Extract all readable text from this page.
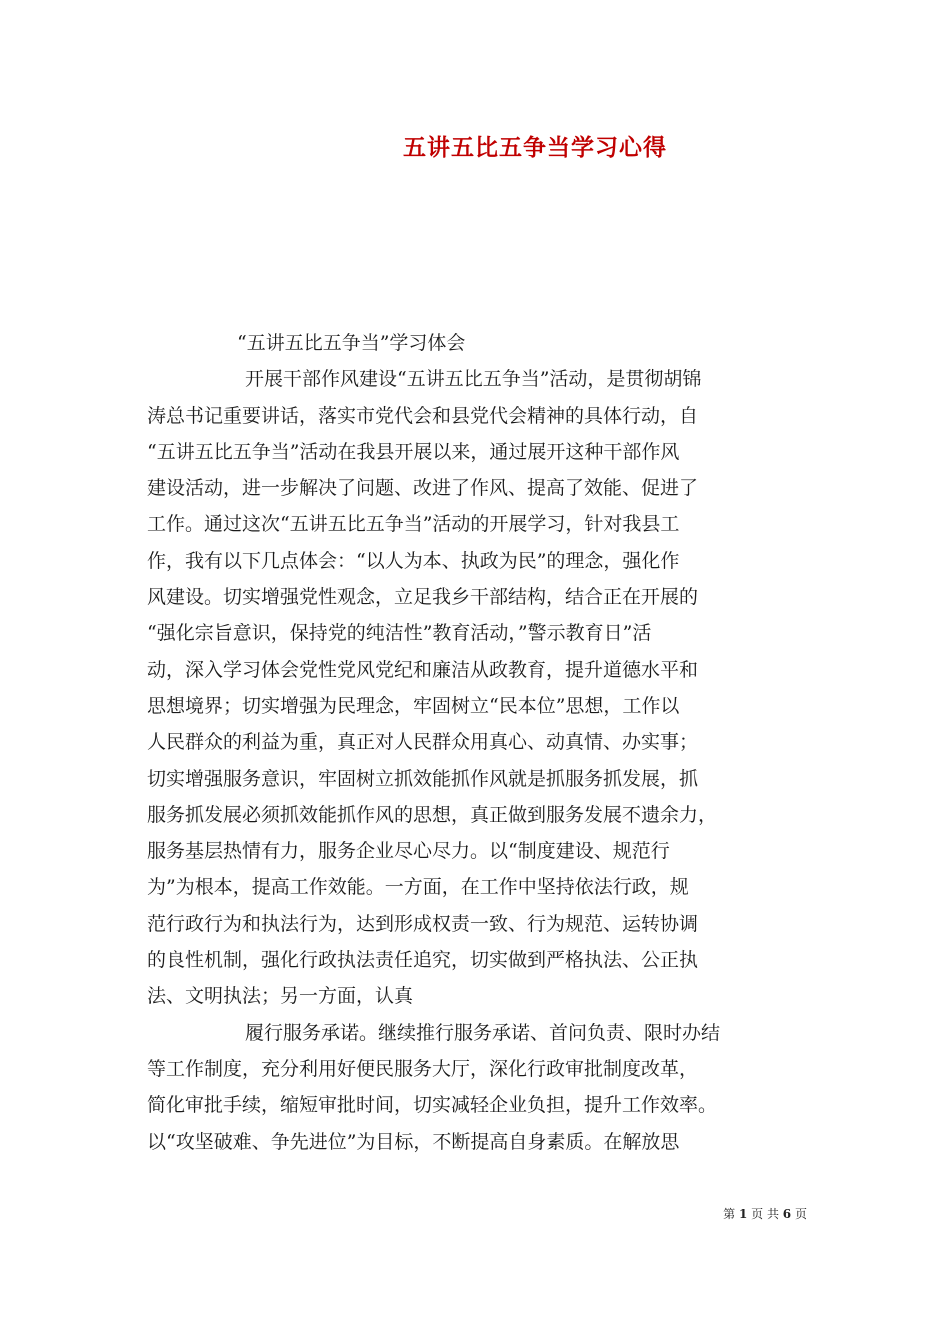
五讲五比五争当学习心得

“五讲五比五争当”学习体会

开展干部作风建设“五讲五比五争当”活动，是贯彻胡锦

涛总书记重要讲话，落实市党代会和县党代会精神的具体行动，自

“五讲五比五争当”活动在我县开展以来，通过展开这种干部作风

建设活动，进一步解决了问题、改进了作风、提高了效能、促进了

工作。通过这次“五讲五比五争当”活动的开展学习，针对我县工

作，我有以下几点体会：“以人为本、执政为民”的理念，强化作

风建设。切实增强党性观念，立足我乡干部结构，结合正在开展的

“强化宗旨意识，保持党的纯洁性”教育活动，”警示教育日”活

动，深入学习体会党性党风党纪和廉洁从政教育，提升道德水平和

思想境界；切实增强为民理念，牢固树立“民本位”思想，工作以

人民群众的利益为重，真正对人民群众用真心、动真情、办实事；

切实增强服务意识，牢固树立抓效能抓作风就是抓服务抓发展，抓

服务抓发展必须抓效能抓作风的思想，真正做到服务发展不遗余力，

服务基层热情有力，服务企业尽心尽力。以“制度建设、规范行

为”为根本，提高工作效能。一方面，在工作中坚持依法行政，规

范行政行为和执法行为，达到形成权责一致、行为规范、运转协调

的良性机制，强化行政执法责任追究，切实做到严格执法、公正执

法、文明执法；另一方面，认真

履行服务承诺。继续推行服务承诺、首问负责、限时办结

等工作制度，充分利用好便民服务大厅，深化行政审批制度改革，

简化审批手续，缩短审批时间，切实减轻企业负担，提升工作效率。

以“攻坚破难、争先进位”为目标，不断提高自身素质。在解放思

第 1 页 共 6 页
